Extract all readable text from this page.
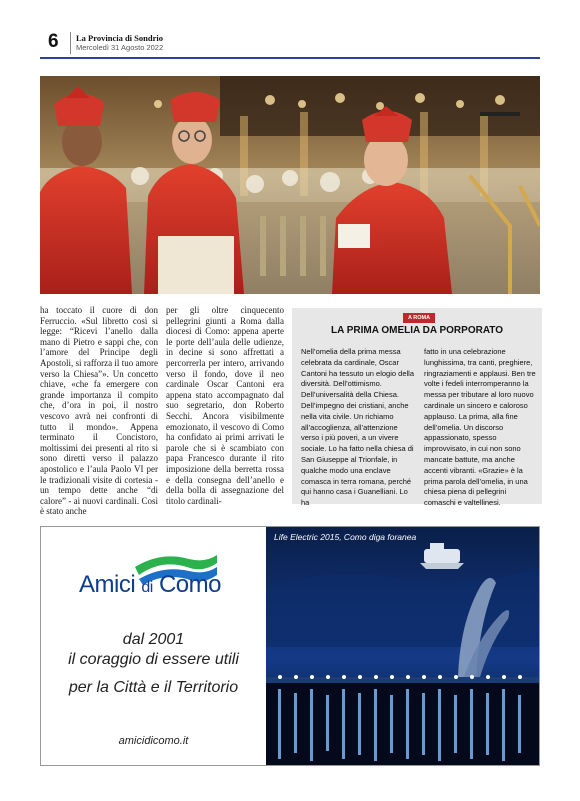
6 La Provincia di Sondrio
Mercoledì 31 Agosto 2022

ha toccato il cuore di don Ferruccio. «Sul libretto così si legge: “Ricevi l’anello dalla mano di Pietro e sappi che, con l’amore del Principe degli Apostoli, si rafforza il tuo amore verso la Chiesa”». Un concetto chiave, «che fa emergere con grande importanza il compito che, d’ora in poi, il nostro vescovo avrà nei confronti di tutto il mondo». Appena terminato il Concistoro, moltissimi dei presenti al rito si sono diretti verso il palazzo apostolico e l’aula Paolo VI per le tradizionali visite di cortesia - un tempo dette anche “di calore” - ai nuovi cardinali. Così è stato anche

per gli oltre cinquecento pellegrini giunti a Roma dalla diocesi di Como: appena aperte le porte dell’aula delle udienze, in decine si sono affrettati a percorrerla per intero, arrivando verso il fondo, dove il neo cardinale Oscar Cantoni era appena stato accompagnato dal suo segretario, don Roberto Secchi. Ancora visibilmente emozionato, il vescovo di Como ha confidato ai primi arrivati le parole che si è scambiato con papa Francesco durante il rito imposizione della berretta rossa e della consegna dell’anello e della bolla di assegnazione del titolo cardinali-

A ROMA
LA PRIMA OMELIA DA PORPORATO
Nell’omelia della prima messa celebrata da cardinale, Oscar Cantoni ha tessuto un elogio della diversità. Dell’ottimismo. Dell’universalità della Chiesa. Dell’impegno dei cristiani, anche nella vita civile. Un richiamo all’accoglienza, all’attenzione verso i più poveri, a un vivere sociale. Lo ha fatto nella chiesa di San Giuseppe al Trionfale, in qualche modo una enclave comasca in terra romana, perché qui hanno casa i Guanelliani. Lo ha
fatto in una celebrazione lunghissima, tra canti, preghiere, ringraziamenti e applausi. Ben tre volte i fedeli interromperanno la messa per tributare al loro nuovo cardinale un sincero e caloroso applauso. La prima, alla fine dell’omelia. Un discorso appassionato, spesso improvvisato, in cui non sono mancate battute, ma anche accenti vibranti. «Grazie» è la prima parola dell’omelia, in una chiesa piena di pellegrini comaschi e valtellinesi.
Amici di Como
dal 2001
il coraggio di essere utili
per la Città e il Territorio
amicidicomo.it
Life Electric 2015, Como diga foranea
